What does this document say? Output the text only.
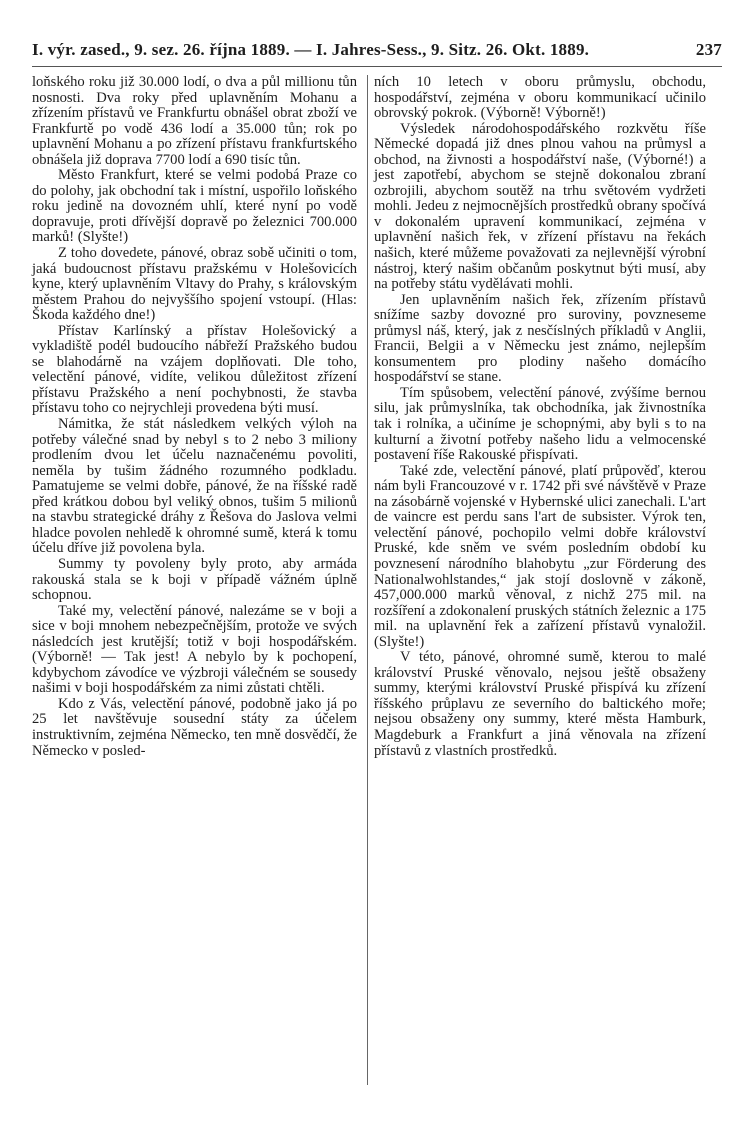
I. výr. zased., 9. sez. 26. října 1889. — I. Jahres-Sess., 9. Sitz. 26. Okt. 1889.	237

loňského roku již 30.000 lodí, o dva a půl millionu tůn nosnosti. Dva roky před uplavněním Mohanu a zřízením přístavů ve Frankfurtu obnášel obrat zboží ve Frankfurtě po vodě 436 lodí a 35.000 tůn; rok po uplavnění Mohanu a po zřízení přístavu frankfurtského obnášela již doprava 7700 lodí a 690 tisíc tůn.

Město Frankfurt, které se velmi podobá Praze co do polohy, jak obchodní tak i místní, uspořilo loňského roku jedině na dovozném uhlí, které nyní po vodě dopravuje, proti dřívější dopravě po železnici 700.000 marků! (Slyšte!)

Z toho dovedete, pánové, obraz sobě učiniti o tom, jaká budoucnost přístavu pražskému v Holešovicích kyne, který uplavněním Vltavy do Prahy, s královským městem Prahou do nejvyššího spojení vstoupí. (Hlas: Škoda každého dne!)

Přístav Karlínský a přístav Holešovický a vykladiště podél budoucího nábřeží Pražského budou se blahodárně na vzájem doplňovati. Dle toho, velectění pánové, vidíte, velikou důležitost zřízení přístavu Pražského a není pochybnosti, že stavba přístavu toho co nejrychleji provedena býti musí.

Námitka, že stát následkem velkých výloh na potřeby válečné snad by nebyl s to 2 nebo 3 miliony prodlením dvou let účelu naznačenému povoliti, neměla by tušim žádného rozumného podkladu. Pamatujeme se velmi dobře, pánové, že na říšské radě před krátkou dobou byl veliký obnos, tušim 5 milionů na stavbu strategické dráhy z Řešova do Jaslova velmi hladce povolen nehledě k ohromné sumě, která k tomu účelu dříve již povolena byla.

Summy ty povoleny byly proto, aby armáda rakouská stala se k boji v případě vážném úplně schopnou.

Také my, velectění pánové, nalezáme se v boji a sice v boji mnohem nebezpečnějším, protože ve svých následcích jest krutější; totiž v boji hospodářském. (Výborně! — Tak jest! A nebylo by k pochopení, kdybychom závodíce ve výzbroji válečném se sousedy našimi v boji hospodářském za nimi zůstati chtěli.

Kdo z Vás, velectění pánové, podobně jako já po 25 let navštěvuje sousední státy za účelem instruktivním, zejména Německo, ten mně dosvědčí, že Německo v posled-

ních 10 letech v oboru průmyslu, obchodu, hospodářství, zejména v oboru kommunikací učinilo obrovský pokrok. (Výborně! Výborně!)

Výsledek národohospodářského rozkvětu říše Německé dopadá již dnes plnou vahou na průmysl a obchod, na živnosti a hospodářství naše, (Výborné!) a jest zapotřebí, abychom se stejně dokonalou zbraní ozbrojili, abychom soutěž na trhu světovém vydržeti mohli. Jedeu z nejmocnějších prostředků obrany spočívá v dokonalém upravení kommunikací, zejména v uplavnění našich řek, v zřízení přístavu na řekách našich, které můžeme považovati za nejlevnější výrobní nástroj, který našim občanům poskytnut býti musí, aby na potřeby státu vydělávati mohli.

Jen uplavněním našich řek, zřízením přístavů snížíme sazby dovozné pro suroviny, povzneseme průmysl náš, který, jak z nesčíslných příkladů v Anglii, Francii, Belgii a v Německu jest známo, nejlepším konsumentem pro plodiny našeho domácího hospodářství se stane.

Tím spůsobem, velectění pánové, zvýšíme bernou silu, jak průmyslníka, tak obchodníka, jak živnostníka tak i rolníka, a učiníme je schopnými, aby byli s to na kulturní a životní potřeby našeho lidu a velmocenské postavení říše Rakouské přispívati.

Také zde, velectění pánové, platí průpověď, kterou nám byli Francouzové v r. 1742 při své návštěvě v Praze na zásobárně vojenské v Hybernské ulici zanechali. L'art de vaincre est perdu sans l'art de subsister. Výrok ten, velectění pánové, pochopilo velmi dobře království Pruské, kde sněm ve svém posledním období ku povznesení národního blahobytu „zur Förderung des Nationalwohlstandes,“ jak stojí doslovně v zákoně, 457,000.000 marků věnoval, z nichž 275 mil. na rozšíření a zdokonalení pruských státních železnic a 175 mil. na uplavnění řek a zařízení přístavů vynaložil. (Slyšte!)

V této, pánové, ohromné sumě, kterou to malé království Pruské věnovalo, nejsou ještě obsaženy summy, kterými království Pruské přispívá ku zřízení říšského průplavu ze severního do baltického moře; nejsou obsaženy ony summy, které města Hamburk, Magdeburk a Frankfurt a jiná věnovala na zřízení přístavů z vlastních prostředků.
